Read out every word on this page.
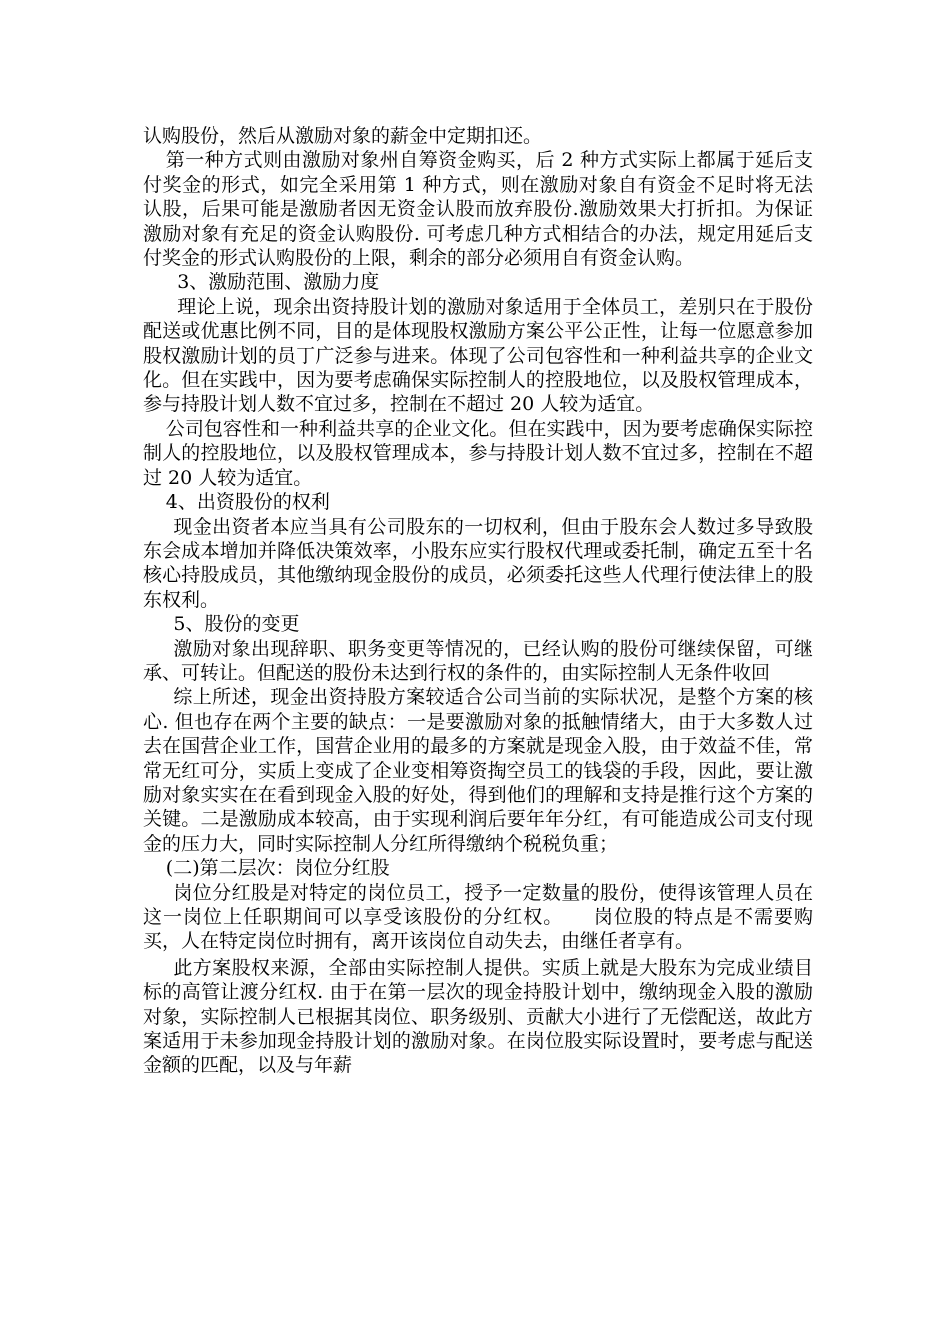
认购股份，然后从激励对象的薪金中定期扣还。

第一种方式则由激励对象州自筹资金购买，后 2 种方式实际上都属于延后支付奖金的形式，如完全采用第 1 种方式，则在激励对象自有资金不足时将无法认股，后果可能是激励者因无资金认股而放弃股份.激励效果大打折扣。为保证激励对象有充足的资金认购股份. 可考虑几种方式相结合的办法，规定用延后支付奖金的形式认购股份的上限，剩余的部分必须用自有资金认购。

3、激励范围、激励力度

理论上说，现余出资持股计划的激励对象适用于全体员工，差别只在于股份配送或优惠比例不同，目的是体现股权激励方案公平公正性，让每一位愿意参加股权激励计划的员丁广泛参与进来。体现了公司包容性和一种利益共享的企业文化。但在实践中，因为要考虑确保实际控制人的控股地位，以及股权管理成本，参与持股计划人数不宜过多，控制在不超过 20 人较为适宜。

公司包容性和一种利益共享的企业文化。但在实践中，因为要考虑确保实际控制人的控股地位，以及股权管理成本，参与持股计划人数不宜过多，控制在不超过 20 人较为适宜。

4、出资股份的权利

现金出资者本应当具有公司股东的一切权利，但由于股东会人数过多导致股东会成本增加并降低决策效率，小股东应实行股权代理或委托制，确定五至十名核心持股成员，其他缴纳现金股份的成员，必须委托这些人代理行使法律上的股东权利。

5、股份的变更

激励对象出现辞职、职务变更等情况的，已经认购的股份可继续保留，可继承、可转让。但配送的股份未达到行权的条件的，由实际控制人无条件收回

综上所述，现金出资持股方案较适合公司当前的实际状况，是整个方案的核心. 但也存在两个主要的缺点：一是要激励对象的抵触情绪大，由于大多数人过去在国营企业工作，国营企业用的最多的方案就是现金入股，由于效益不佳，常常无红可分，实质上变成了企业变相筹资掏空员工的钱袋的手段，因此，要让激励对象实实在在看到现金入股的好处，得到他们的理解和支持是推行这个方案的关键。二是激励成本较高，由于实现利润后要年年分红，有可能造成公司支付现金的压力大，同时实际控制人分红所得缴纳个税税负重；

(二)第二层次：岗位分红股

岗位分红股是对特定的岗位员工，授予一定数量的股份，使得该管理人员在这一岗位上任职期间可以享受该股份的分红权。　　岗位股的特点是不需要购买，人在特定岗位时拥有，离开该岗位自动失去，由继任者享有。

此方案股权来源，全部由实际控制人提供。实质上就是大股东为完成业绩目标的高管让渡分红权. 由于在第一层次的现金持股计划中，缴纳现金入股的激励对象，实际控制人已根据其岗位、职务级别、贡献大小进行了无偿配送，故此方案适用于未参加现金持股计划的激励对象。在岗位股实际设置时，要考虑与配送金额的匹配，以及与年薪
